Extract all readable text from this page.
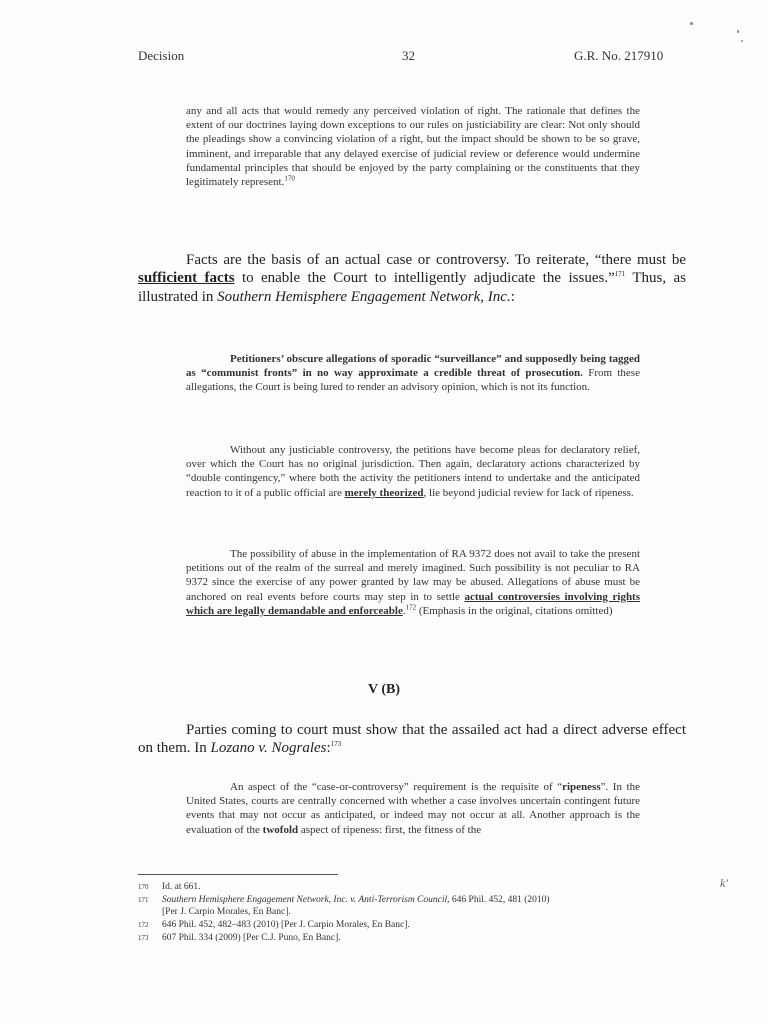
Decision	32	G.R. No. 217910
any and all acts that would remedy any perceived violation of right. The rationale that defines the extent of our doctrines laying down exceptions to our rules on justiciability are clear: Not only should the pleadings show a convincing violation of a right, but the impact should be shown to be so grave, imminent, and irreparable that any delayed exercise of judicial review or deference would undermine fundamental principles that should be enjoyed by the party complaining or the constituents that they legitimately represent.$^{170}$
Facts are the basis of an actual case or controversy. To reiterate, “there must be sufficient facts to enable the Court to intelligently adjudicate the issues.”$^{171}$ Thus, as illustrated in Southern Hemisphere Engagement Network, Inc.:
Petitioners’ obscure allegations of sporadic “surveillance” and supposedly being tagged as “communist fronts” in no way approximate a credible threat of prosecution. From these allegations, the Court is being lured to render an advisory opinion, which is not its function.
Without any justiciable controversy, the petitions have become pleas for declaratory relief, over which the Court has no original jurisdiction. Then again, declaratory actions characterized by “double contingency,” where both the activity the petitioners intend to undertake and the anticipated reaction to it of a public official are merely theorized, lie beyond judicial review for lack of ripeness.
The possibility of abuse in the implementation of RA 9372 does not avail to take the present petitions out of the realm of the surreal and merely imagined. Such possibility is not peculiar to RA 9372 since the exercise of any power granted by law may be abused. Allegations of abuse must be anchored on real events before courts may step in to settle actual controversies involving rights which are legally demandable and enforceable.$^{172}$ (Emphasis in the original, citations omitted)
V (B)
Parties coming to court must show that the assailed act had a direct adverse effect on them. In Lozano v. Nograles:$^{173}$
An aspect of the “case-or-controversy” requirement is the requisite of “ripeness”. In the United States, courts are centrally concerned with whether a case involves uncertain contingent future events that may not occur as anticipated, or indeed may not occur at all. Another approach is the evaluation of the twofold aspect of ripeness: first, the fitness of the
170 Id. at 661.
171 Southern Hemisphere Engagement Network, Inc. v. Anti-Terrorism Council, 646 Phil. 452, 481 (2010)
[Per J. Carpio Morales, En Banc].
172 646 Phil. 452, 482–483 (2010) [Per J. Carpio Morales, En Banc].
173 607 Phil. 334 (2009) [Per C.J. Puno, En Banc].
k'
